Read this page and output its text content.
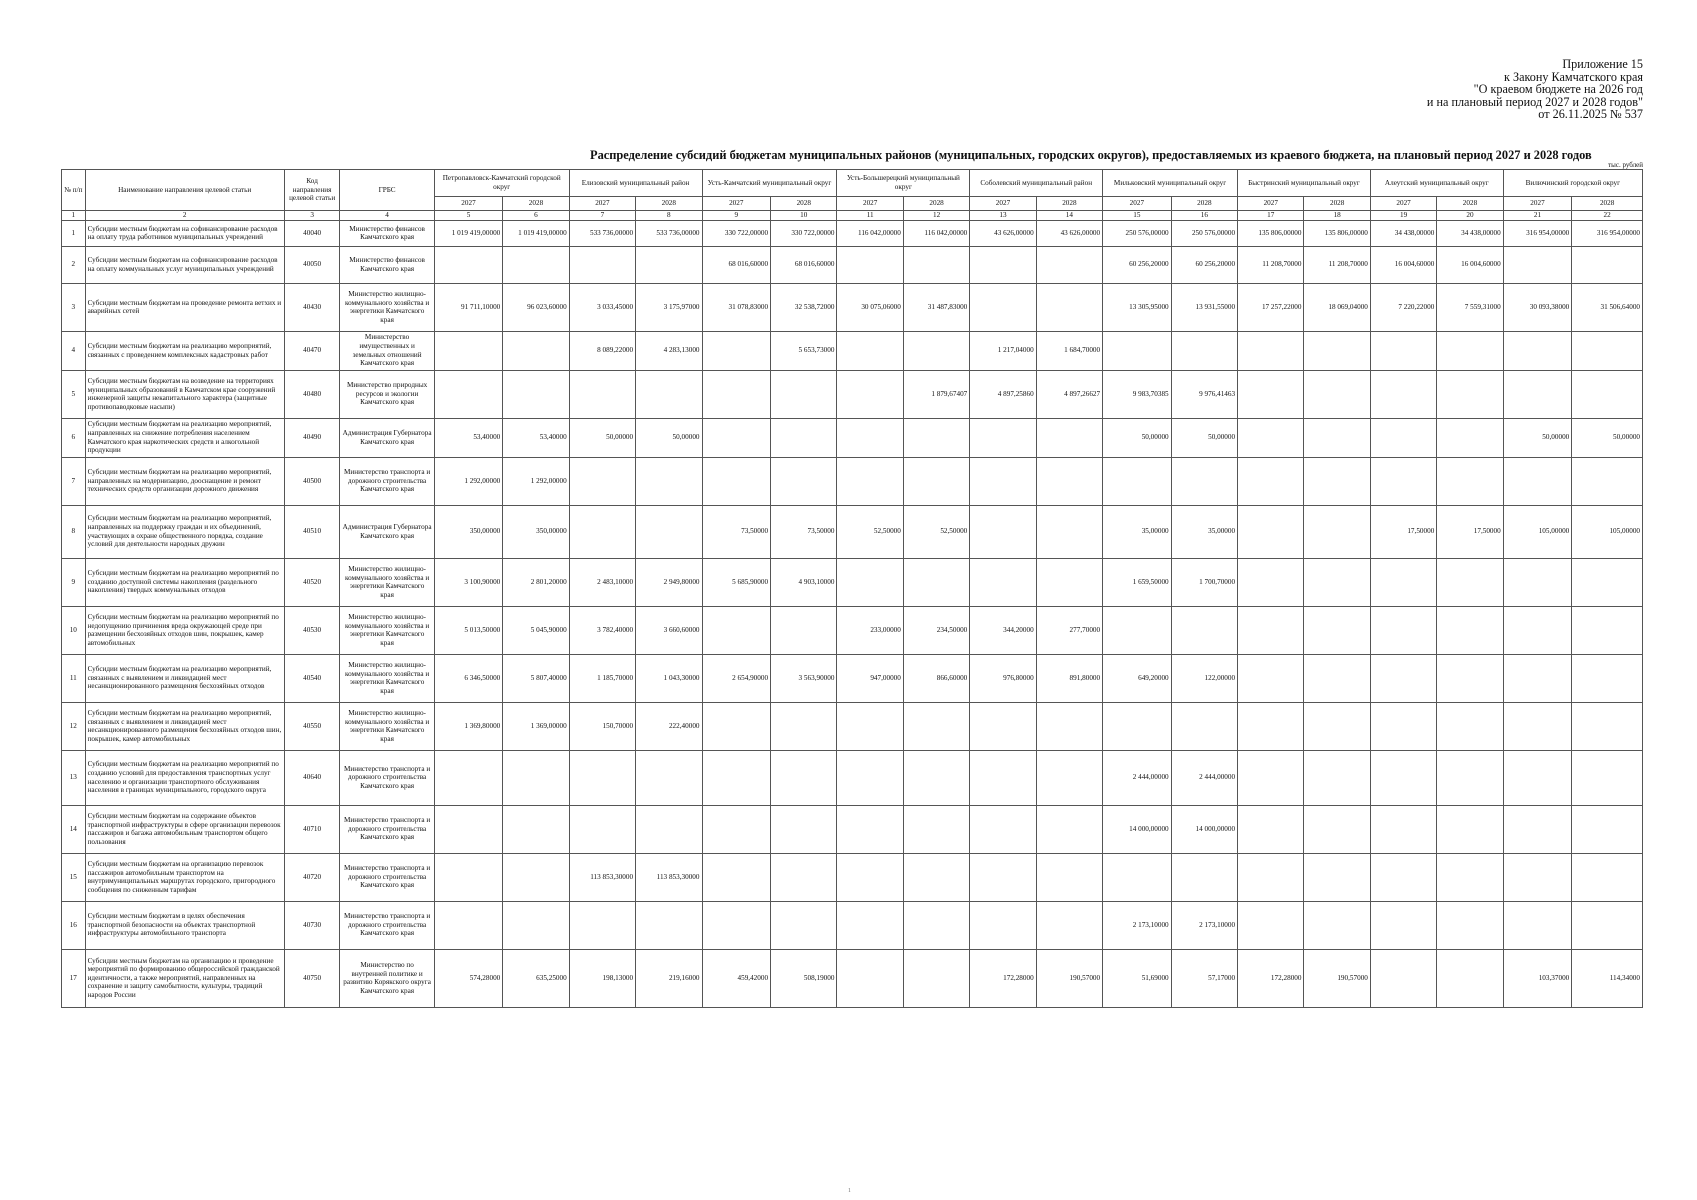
Приложение 15
к Закону Камчатского края
"О краевом бюджете на 2026 год
и на плановый период 2027 и 2028 годов"
от 26.11.2025 № 537
Распределение субсидий бюджетам муниципальных районов (муниципальных, городских округов), предоставляемых из краевого бюджета, на плановый период 2027 и 2028 годов
тыс. рублей
№ п/п	Наименование направления целевой статьи	Код направления целевой статьи	ГРБС	Петропавловск-Камчатский городской округ		Елизовский муниципальный район		Усть-Камчатский муниципальный округ		Усть-Большерецкий муниципальный округ		Соболевский муниципальный район		Мильковский муниципальный округ		Быстринский муниципальный округ		Алеутский муниципальный округ		Вилючинский городской округ	
				2027	2028	2027	2028	2027	2028	2027	2028	2027	2028	2027	2028	2027	2028	2027	2028	2027	2028
1	2	3	4	5	6	7	8	9	10	11	12	13	14	15	16	17	18	19	20	21	22
1	Субсидии местным бюджетам на софинансирование расходов на оплату труда работников муниципальных учреждений	40040	Министерство финансов Камчатского края	1 019 419,00000	1 019 419,00000	533 736,00000	533 736,00000	330 722,00000	330 722,00000	116 042,00000	116 042,00000	43 626,00000	43 626,00000	250 576,00000	250 576,00000	135 806,00000	135 806,00000	34 438,00000	34 438,00000	316 954,00000	316 954,00000
2	Субсидии местным бюджетам на софинансирование расходов на оплату коммунальных услуг муниципальных учреждений	40050	Министерство финансов Камчатского края					68 016,60000	68 016,60000					60 256,20000	60 256,20000	11 208,70000	11 208,70000	16 004,60000	16 004,60000		
3	Субсидии местным бюджетам на проведение ремонта ветхих и аварийных сетей	40430	Министерство жилищно-коммунального хозяйства и энергетики Камчатского края	91 711,10000	96 023,60000	3 033,45000	3 175,97000	31 078,83000	32 538,72000	30 075,06000	31 487,83000			13 305,95000	13 931,55000	17 257,22000	18 069,04000	7 220,22000	7 559,31000	30 093,38000	31 506,64000
4	Субсидии местным бюджетам на реализацию мероприятий, связанных с проведением комплексных кадастровых работ	40470	Министерство имущественных и земельных отношений Камчатского края			8 089,22000	4 283,13000		5 653,73000			1 217,04000	1 684,70000								
5	Субсидии местным бюджетам на возведение на территориях муниципальных образований в Камчатском крае сооружений инженерной защиты некапитального характера (защитные противопаводковые насыпи)	40480	Министерство природных ресурсов и экологии Камчатского края								1 879,67407	4 897,25860	4 897,26627	9 983,70385	9 976,41463						
6	Субсидии местным бюджетам на реализацию мероприятий, направленных на снижение потребления населением Камчатского края наркотических средств и алкогольной продукции	40490	Администрация Губернатора Камчатского края	53,40000	53,40000	50,00000	50,00000							50,00000	50,00000					50,00000	50,00000
7	Субсидии местным бюджетам на реализацию мероприятий, направленных на модернизацию, дооснащение и ремонт технических средств организации дорожного движения	40500	Министерство транспорта и дорожного строительства Камчатского края	1 292,00000	1 292,00000																
8	Субсидии местным бюджетам на реализацию мероприятий, направленных на поддержку граждан и их объединений, участвующих в охране общественного порядка, создание условий для деятельности народных дружин	40510	Администрация Губернатора Камчатского края	350,00000	350,00000			73,50000	73,50000	52,50000	52,50000			35,00000	35,00000			17,50000	17,50000	105,00000	105,00000
9	Субсидии местным бюджетам на реализацию мероприятий по созданию доступной системы накопления (раздельного накопления) твердых коммунальных отходов	40520	Министерство жилищно-коммунального хозяйства и энергетики Камчатского края	3 100,90000	2 801,20000	2 483,10000	2 949,80000	5 685,90000	4 903,10000					1 659,50000	1 700,70000						
10	Субсидии местным бюджетам на реализацию мероприятий по недопущению причинения вреда окружающей среде при размещении бесхозяйных отходов шин, покрышек, камер автомобильных	40530	Министерство жилищно-коммунального хозяйства и энергетики Камчатского края	5 013,50000	5 045,90000	3 782,40000	3 660,60000			233,00000	234,50000	344,20000	277,70000								
11	Субсидии местным бюджетам на реализацию мероприятий, связанных с выявлением и ликвидацией мест несанкционированного размещения бесхозяйных отходов	40540	Министерство жилищно-коммунального хозяйства и энергетики Камчатского края	6 346,50000	5 807,40000	1 185,70000	1 043,30000	2 654,90000	3 563,90000	947,00000	866,60000	976,80000	891,80000	649,20000	122,00000						
12	Субсидии местным бюджетам на реализацию мероприятий, связанных с выявлением и ликвидацией мест несанкционированного размещения бесхозяйных отходов шин, покрышек, камер автомобильных	40550	Министерство жилищно-коммунального хозяйства и энергетики Камчатского края	1 369,80000	1 369,00000	150,70000	222,40000														
13	Субсидии местным бюджетам на реализацию мероприятий по созданию условий для предоставления транспортных услуг населению и организации транспортного обслуживания населения в границах муниципального, городского округа	40640	Министерство транспорта и дорожного строительства Камчатского края											2 444,00000	2 444,00000						
14	Субсидии местным бюджетам на содержание объектов транспортной инфраструктуры в сфере организации перевозок пассажиров и багажа автомобильным транспортом общего пользования	40710	Министерство транспорта и дорожного строительства Камчатского края											14 000,00000	14 000,00000						
15	Субсидии местным бюджетам на организацию перевозок пассажиров автомобильным транспортом на внутримуниципальных маршрутах городского, пригородного сообщения по сниженным тарифам	40720	Министерство транспорта и дорожного строительства Камчатского края			113 853,30000	113 853,30000														
16	Субсидии местным бюджетам в целях обеспечения транспортной безопасности на объектах транспортной инфраструктуры автомобильного транспорта	40730	Министерство транспорта и дорожного строительства Камчатского края											2 173,10000	2 173,10000						
17	Субсидии местным бюджетам на организацию и проведение мероприятий по формированию общероссийской гражданской идентичности, а также мероприятий, направленных на сохранение и защиту самобытности, культуры, традиций народов России	40750	Министерство по внутренней политике и развитию Корякского округа Камчатского края	574,28000	635,25000	198,13000	219,16000	459,42000	508,19000			172,28000	190,57000	51,69000	57,17000	172,28000	190,57000			103,37000	114,34000
1
